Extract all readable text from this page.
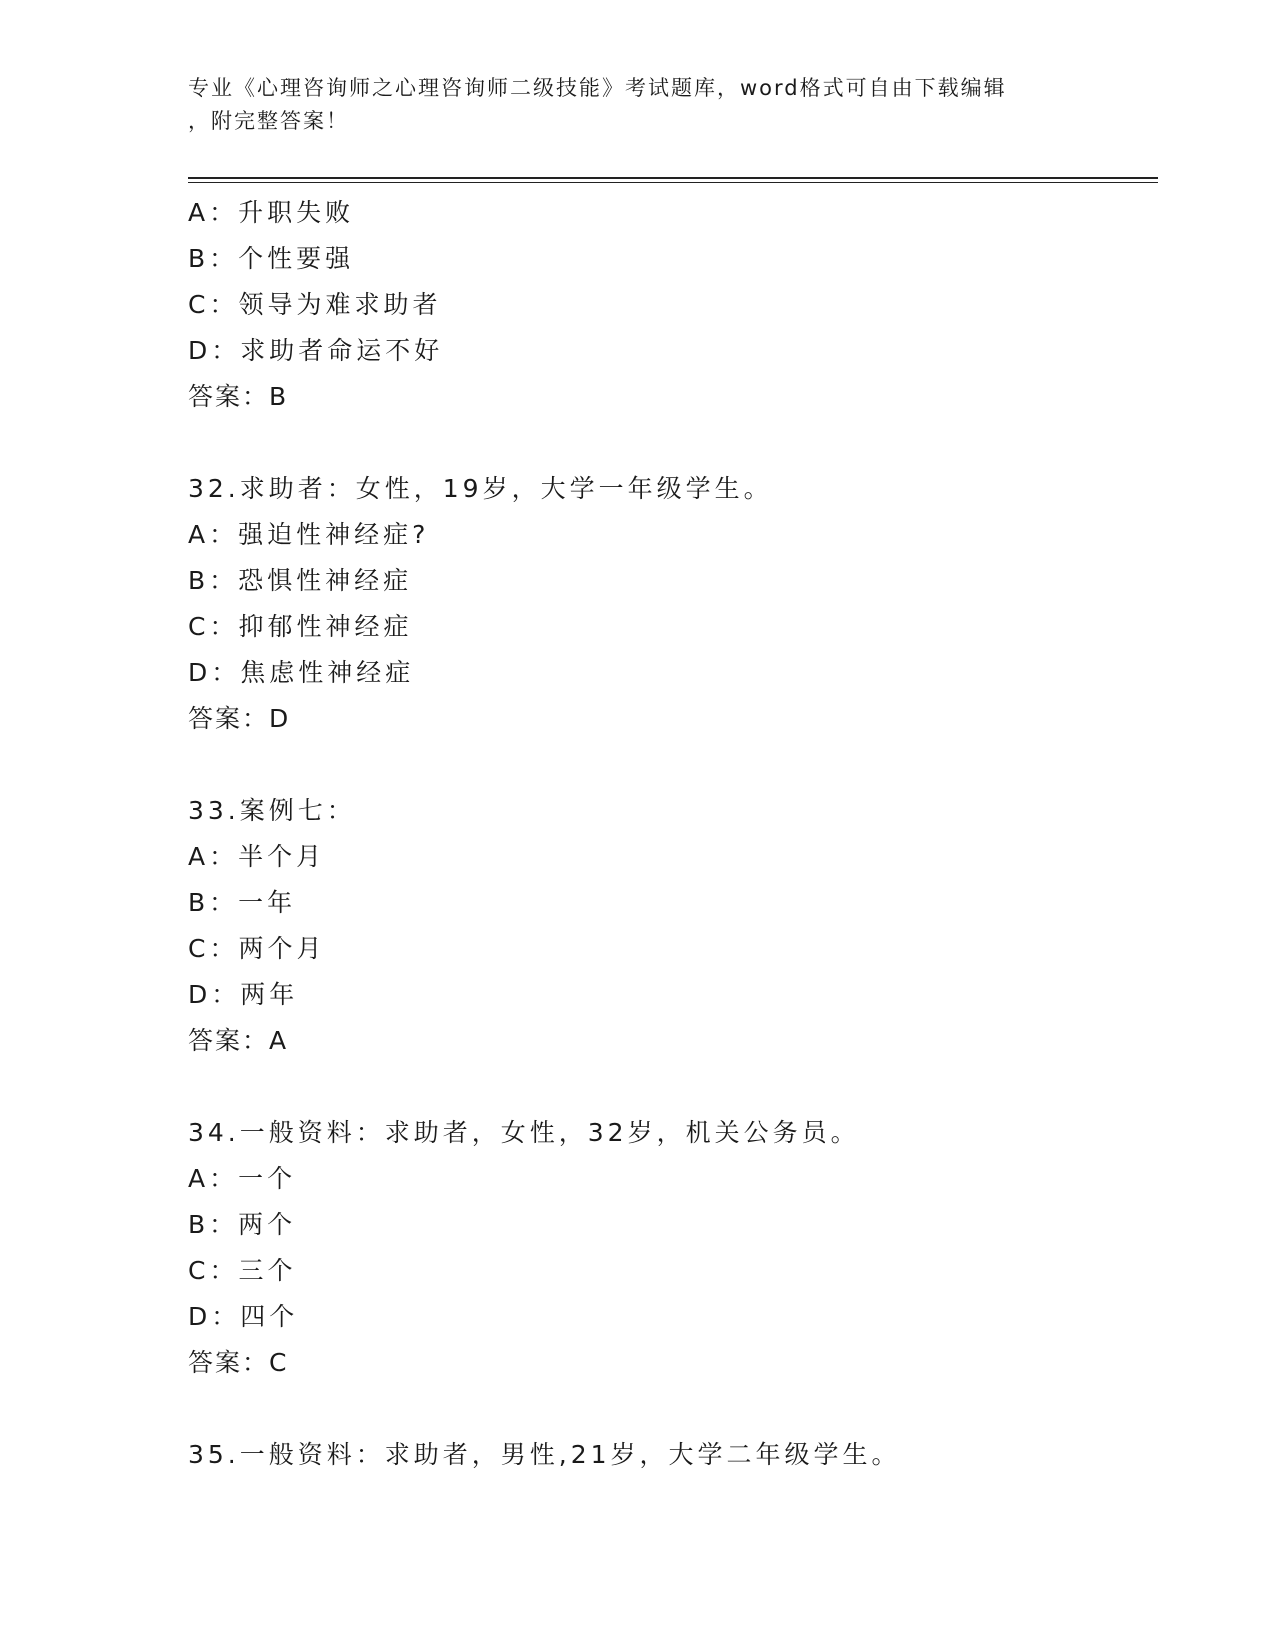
专业《心理咨询师之心理咨询师二级技能》考试题库，word格式可自由下载编辑

，附完整答案！

A：升职失败
B：个性要强
C：领导为难求助者
D：求助者命运不好
答案：B
32.求助者：女性，19岁，大学一年级学生。
A：强迫性神经症?
B：恐惧性神经症
C：抑郁性神经症
D：焦虑性神经症
答案：D
33.案例七：
A：半个月
B：一年
C：两个月
D：两年
答案：A
34.一般资料：求助者，女性，32岁，机关公务员。
A：一个
B：两个
C：三个
D：四个
答案：C
35.一般资料：求助者，男性,21岁，大学二年级学生。
